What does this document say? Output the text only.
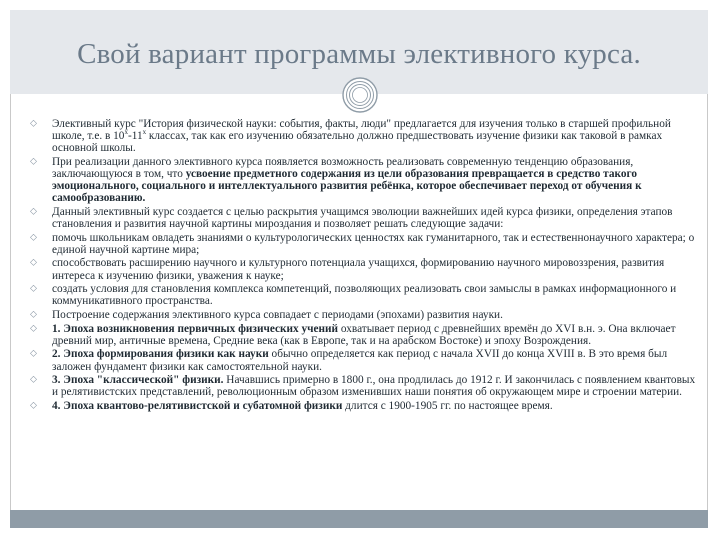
Свой вариант программы элективного курса.
⬦ Элективный курс "История физической науки: события, факты, люди" предлагается для изучения только в старшей профильной школе, т.е. в $10^х-11^х$ классах, так как его изучению обязательно должно предшествовать изучение физики как таковой в рамках основной школы.
⬦ При реализации данного элективного курса появляется возможность реализовать современную тенденцию образования, заключающуюся в том, что усвоение предметного содержания из цели образования превращается в средство такого эмоционального, социального и интеллектуального развития ребёнка, которое обеспечивает переход от обучения к самообразованию.
⬦ Данный элективный курс создается с целью раскрытия учащимся эволюции важнейших идей курса физики, определения этапов становления и развития научной картины мироздания и позволяет решать следующие задачи:
⬦ помочь школьникам овладеть знаниями о культурологических ценностях как гуманитарного, так и естественнонаучного характера; о единой научной картине мира;
⬦ способствовать расширению научного и культурного потенциала учащихся, формированию научного мировоззрения, развития интереса к изучению физики, уважения к науке;
⬦ создать условия для становления комплекса компетенций, позволяющих реализовать свои замыслы в рамках информационного и коммуникативного пространства.
⬦ Построение содержания элективного курса совпадает с периодами (эпохами) развития науки.
⬦ 1. Эпоха возникновения первичных физических учений охватывает период с древнейших времён до XVI в.н. э. Она включает древний мир, античные времена, Средние века (как в Европе, так и на арабском Востоке) и эпоху Возрождения.
⬦ 2. Эпоха формирования физики как науки обычно определяется как период с начала XVII до конца XVIII в. В это время был заложен фундамент физики как самостоятельной науки.
⬦ 3. Эпоха "классической" физики. Начавшись примерно в 1800 г., она продлилась до 1912 г. И закончилась с появлением квантовых и релятивистских представлений, революционным образом изменивших наши понятия об окружающем мире и строении материи.
⬦ 4. Эпоха квантово-релятивистской и субатомной физики длится с 1900-1905 гг. по настоящее время.
